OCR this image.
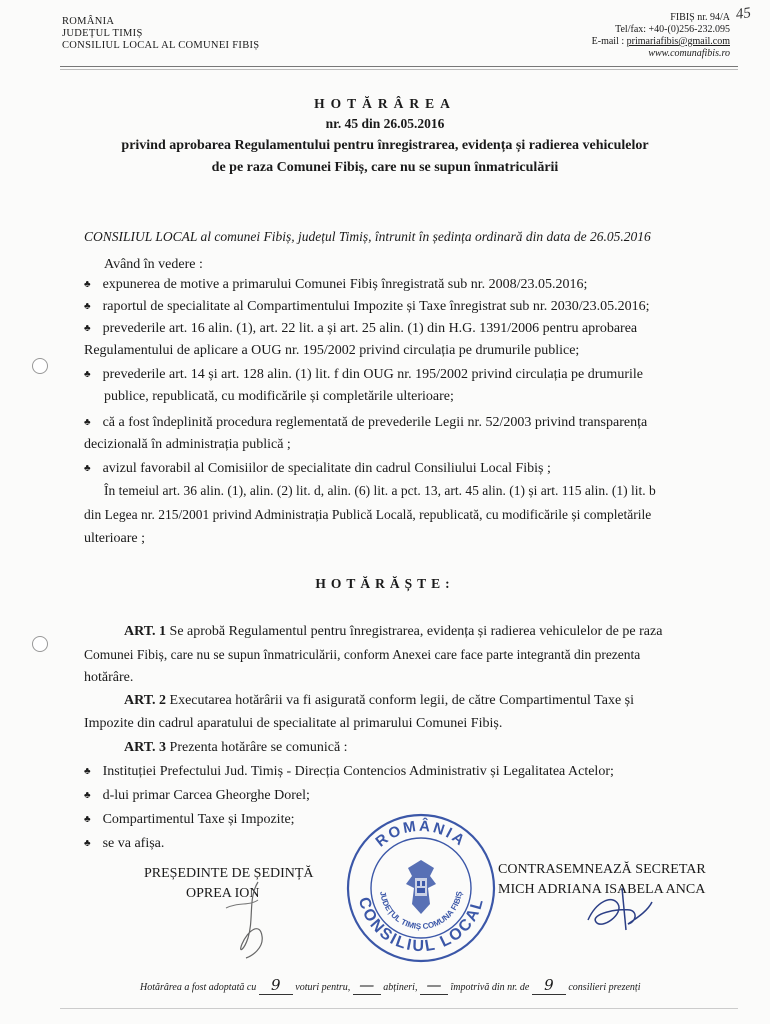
ROMÂNIA
JUDEȚUL TIMIȘ
CONSILIUL LOCAL AL COMUNEI FIBIȘ
FIBIȘ nr. 94/A
Tel/fax: +40-(0)256-232.095
E-mail : primariafibis@gmail.com
www.comunafibis.ro
45
HOTĂRÂREA
nr. 45 din 26.05.2016
privind aprobarea Regulamentului pentru înregistrarea, evidența și radierea vehiculelor
de pe raza Comunei Fibiș, care nu se supun înmatriculării
CONSILIUL LOCAL al comunei Fibiș, județul Timiș, întrunit în ședința ordinară din data de 26.05.2016
Având în vedere :
♣ expunerea de motive a primarului Comunei Fibiș înregistrată sub nr. 2008/23.05.2016;
♣ raportul de specialitate al Compartimentului Impozite și Taxe înregistrat sub nr. 2030/23.05.2016;
♣ prevederile art. 16 alin. (1), art. 22 lit. a și art. 25 alin. (1) din H.G. 1391/2006 pentru aprobarea
Regulamentului de aplicare a OUG nr. 195/2002 privind circulația pe drumurile publice;
♣ prevederile art. 14 și art. 128 alin. (1) lit. f din OUG nr. 195/2002 privind circulația pe drumurile
publice, republicată, cu modificările și completările ulterioare;
♣ că a fost îndeplinită procedura reglementată de prevederile Legii nr. 52/2003 privind transparența
decizională în administrația publică ;
♣ avizul favorabil al Comisiilor de specialitate din cadrul Consiliului Local Fibiș ;
În temeiul art. 36 alin. (1), alin. (2) lit. d, alin. (6) lit. a pct. 13, art. 45 alin. (1) și art. 115 alin. (1) lit. b
din Legea nr. 215/2001 privind Administrația Publică Locală, republicată, cu modificările și completările
ulterioare ;
HOTĂRĂȘTE:
ART. 1 Se aprobă Regulamentul pentru înregistrarea, evidența și radierea vehiculelor de pe raza
Comunei Fibiș, care nu se supun înmatriculării, conform Anexei care face parte integrantă din prezenta
hotărâre.
ART. 2 Executarea hotărârii va fi asigurată conform legii, de către Compartimentul Taxe și
Impozite din cadrul aparatului de specialitate al primarului Comunei Fibiș.
ART. 3 Prezenta hotărâre se comunică :
♣ Instituției Prefectului Jud. Timiș - Direcția Contencios Administrativ și Legalitatea Actelor;
♣ d-lui primar Carcea Gheorghe Dorel;
♣ Compartimentul Taxe și Impozite;
♣ se va afișa.
PREȘEDINTE DE ȘEDINȚĂ
OPREA ION
CONTRASEMNEAZĂ SECRETAR
MICH ADRIANA ISABELA ANCA
ROMÂNIA
CONSILIUL LOCAL
JUDEȚUL TIMIȘ COMUNA FIBIȘ
Hotărârea a fost adoptată cu 9 voturi pentru, — abțineri, — împotrivă din nr. de 9 consilieri prezenți
